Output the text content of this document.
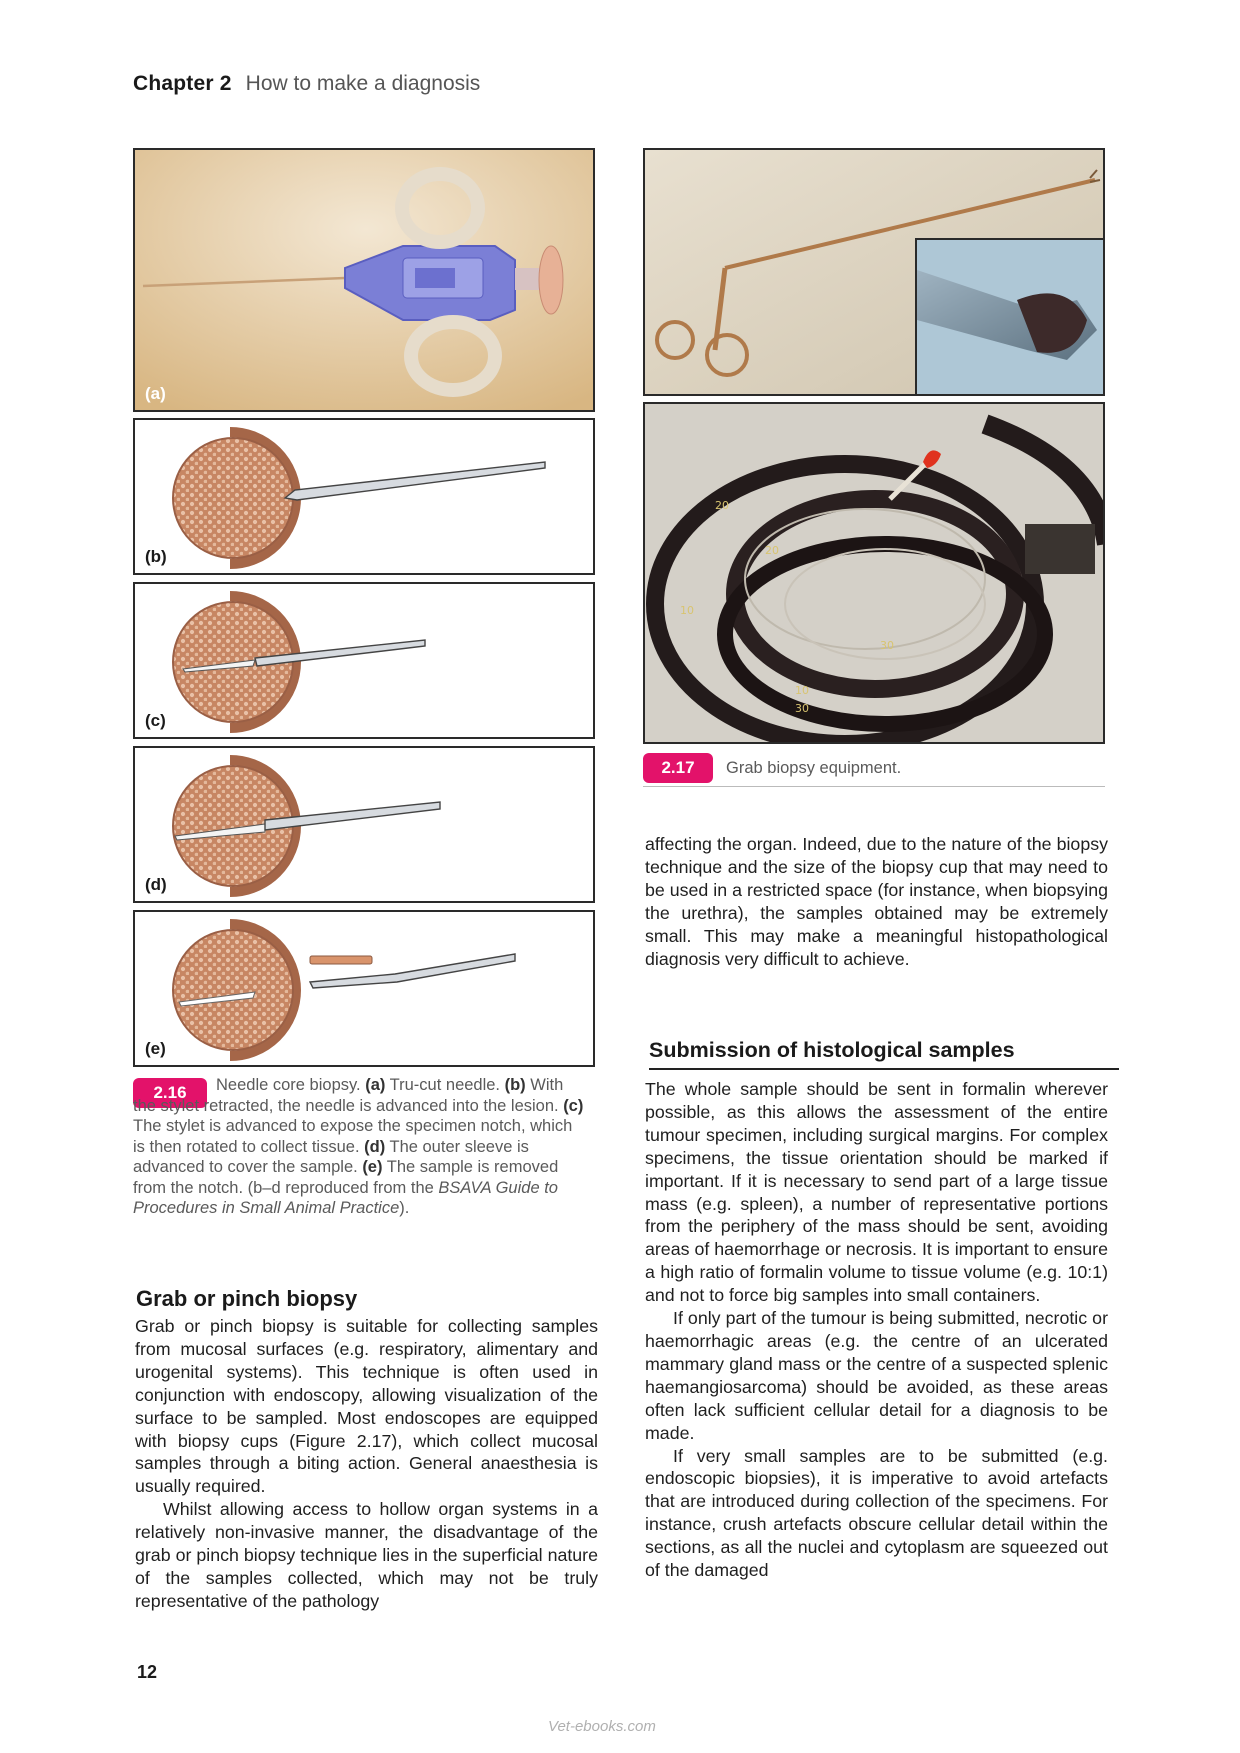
Chapter 2 How to make a diagnosis
(a)
(b)
(c)
(d)
(e)
2.16	Needle core biopsy. (a) Tru-cut needle. (b) With the stylet retracted, the needle is advanced into the lesion. (c) The stylet is advanced to expose the specimen notch, which is then rotated to collect tissue. (d) The outer sleeve is advanced to cover the sample. (e) The sample is removed from the notch. (b–d reproduced from the BSAVA Guide to Procedures in Small Animal Practice).
20
10
20
10
30
30
2.17	Grab biopsy equipment.

affecting the organ. Indeed, due to the nature of the biopsy technique and the size of the biopsy cup that may need to be used in a restricted space (for instance, when biopsying the urethra), the samples obtained may be extremely small. This may make a meaningful histopathological diagnosis very difficult to achieve.

Submission of histological samples

The whole sample should be sent in formalin wherever possible, as this allows the assessment of the entire tumour specimen, including surgical margins. For complex specimens, the tissue orientation should be marked if important. If it is necessary to send part of a large tissue mass (e.g. spleen), a number of representative portions from the periphery of the mass should be sent, avoiding areas of haemorrhage or necrosis. It is important to ensure a high ratio of formalin volume to tissue volume (e.g. 10:1) and not to force big samples into small containers.

If only part of the tumour is being submitted, necrotic or haemorrhagic areas (e.g. the centre of an ulcerated mammary gland mass or the centre of a suspected splenic haemangiosarcoma) should be avoided, as these areas often lack sufficient cellular detail for a diagnosis to be made.

If very small samples are to be submitted (e.g. endoscopic biopsies), it is imperative to avoid artefacts that are introduced during collection of the specimens. For instance, crush artefacts obscure cellular detail within the sections, as all the nuclei and cytoplasm are squeezed out of the damaged

Grab or pinch biopsy

Grab or pinch biopsy is suitable for collecting samples from mucosal surfaces (e.g. respiratory, alimentary and urogenital systems). This technique is often used in conjunction with endoscopy, allowing visualization of the surface to be sampled. Most endoscopes are equipped with biopsy cups (Figure 2.17), which collect mucosal samples through a biting action. General anaesthesia is usually required.

Whilst allowing access to hollow organ systems in a relatively non-invasive manner, the disadvantage of the grab or pinch biopsy technique lies in the superficial nature of the samples collected, which may not be truly representative of the pathology

12
Vet-ebooks.com
